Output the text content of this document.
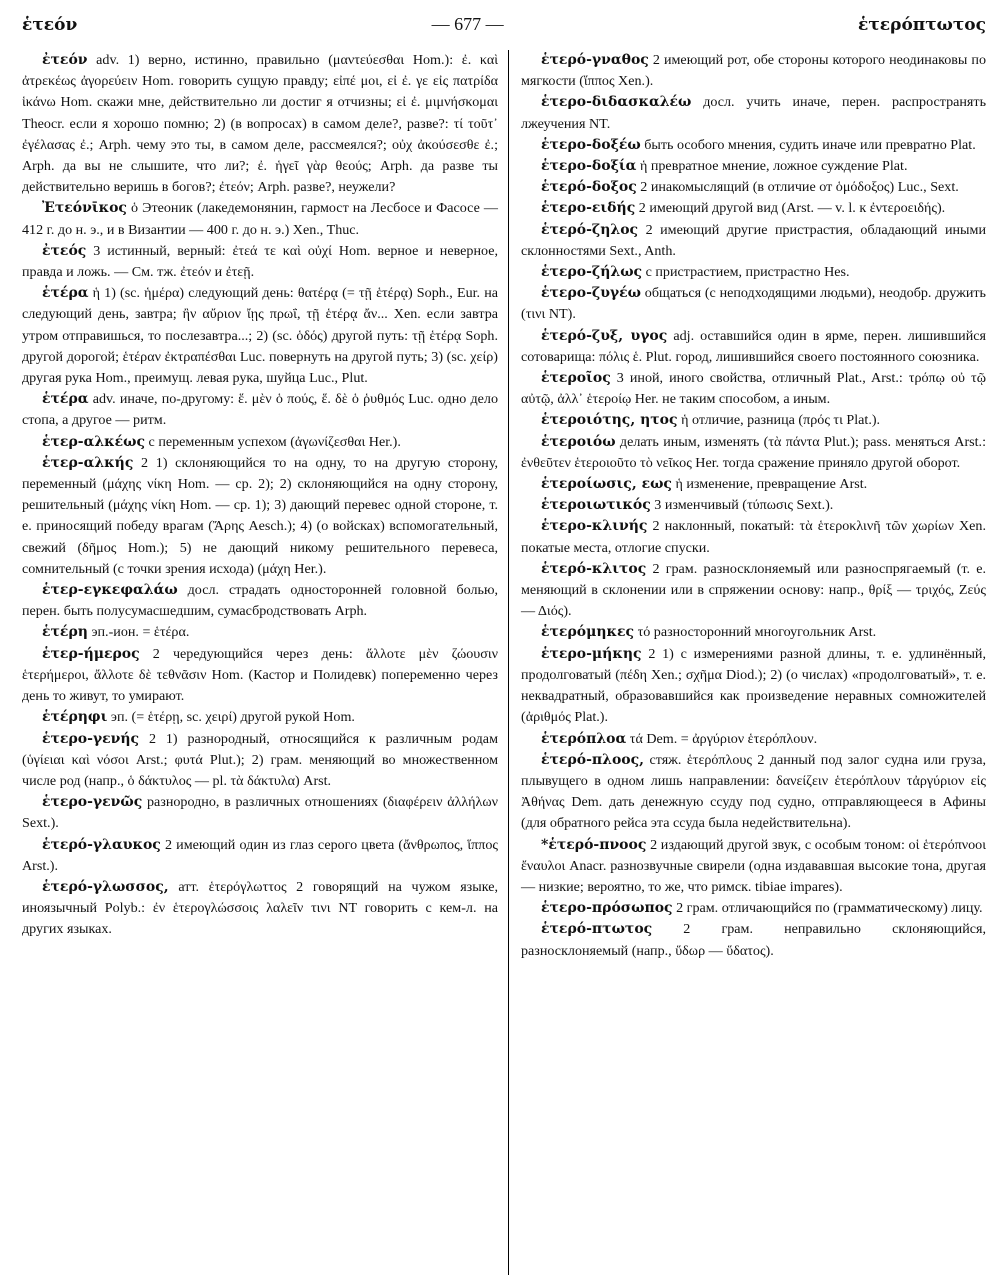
ἑτεόν	— 677 —	ἑτερόπτωτος

ἐτεόν adv. 1) верно, истинно, правильно (μαντεύεσθαι Hom.): ἐ. καὶ ἀτρεκέως ἀγορεύειν Hom. говорить сущую правду; εἰπέ μοι, εἰ ἐ. γε εἰς πατρίδα ἱκάνω Hom. скажи мне, действительно ли достиг я отчизны; εἰ ἐ. μιμνήσκομαι Theocr. если я хорошо помню; 2) (в вопросах) в самом деле?, разве?: τί τοῦτ᾽ ἐγέλασας ἐ.; Arph. чему это ты, в самом деле, рассмеялся?; οὐχ ἀκούσεσθε ἐ.; Arph. да вы не слышите, что ли?; ἐ. ἡγεῖ γὰρ θεούς; Arph. да разве ты действительно веришь в богов?; ἐτεόν; Arph. разве?, неужели?

Ἐτεόνῑκος ὁ Этеоник (лакедемонянин, гармост на Лесбосе и Фасосе — 412 г. до н. э., и в Византии — 400 г. до н. э.) Xen., Thuc.

ἐτεός 3 истинный, верный: ἐτεά τε καὶ οὐχί Hom. верное и неверное, правда и ложь. — См. тж. ἐτεόν и ἐτεῇ.

ἑτέρα ἡ 1) (sc. ἡμέρα) следующий день: θατέρᾳ (= τῇ ἑτέρᾳ) Soph., Eur. на следующий день, завтра; ἢν αὔριον ἴῃς πρωΐ, τῇ ἑτέρᾳ ἄν... Xen. если завтра утром отправишься, то послезавтра...; 2) (sc. ὁδός) другой путь: τῇ ἑτέρᾳ Soph. другой дорогой; ἑτέραν ἐκτραπέσθαι Luc. повернуть на другой путь; 3) (sc. χείρ) другая рука Hom., преимущ. левая рука, шуйца Luc., Plut.

ἑτέρα adv. иначе, по-другому: ἕ. μὲν ὁ πούς, ἕ. δὲ ὁ ῥυθμός Luc. одно дело стопа, а другое — ритм.

ἑτερ-αλκέως с переменным успехом (ἀγωνίζεσθαι Her.).

ἑτερ-αλκής 2 1) склоняющийся то на одну, то на другую сторону, переменный (μάχης νίκη Hom. — ср. 2); 2) склоняющийся на одну сторону, решительный (μάχης νίκη Hom. — ср. 1); 3) дающий перевес одной стороне, т. е. приносящий победу врагам (Ἄρης Aesch.); 4) (о войсках) вспомогательный, свежий (δῆμος Hom.); 5) не дающий никому решительного перевеса, сомнительный (с точки зрения исхода) (μάχη Her.).

ἑτερ-εγκεφαλάω досл. страдать односторонней головной болью, перен. быть полусумасшедшим, сумасбродствовать Arph.

ἑτέρη эп.-ион. = ἑτέρα.

ἑτερ-ήμερος 2 чередующийся через день: ἄλλοτε μὲν ζώουσιν ἑτερήμεροι, ἄλλοτε δὲ τεθνᾶσιν Hom. (Кастор и Полидевк) попеременно через день то живут, то умирают.

ἑτέρηφι эп. (= ἑτέρῃ, sc. χειρί) другой рукой Hom.

ἑτερο-γενής 2 1) разнородный, относящийся к различным родам (ὑγίειαι καὶ νόσοι Arst.; φυτά Plut.); 2) грам. меняющий во множественном числе род (напр., ὁ δάκτυλος — pl. τὰ δάκτυλα) Arst.

ἑτερο-γενῶς разнородно, в различных отношениях (διαφέρειν ἀλλήλων Sext.).

ἑτερό-γλαυκος 2 имеющий один из глаз серого цвета (ἄνθρωπος, ἵππος Arst.).

ἑτερό-γλωσσος, атт. ἑτερόγλωττος 2 говорящий на чужом языке, иноязычный Polyb.: ἐν ἑτερογλώσσοις λαλεῖν τινι NT говорить с кем-л. на других языках.

ἑτερό-γναθος 2 имеющий рот, обе стороны которого неодинаковы по мягкости (ἵππος Xen.).

ἑτερο-διδασκαλέω досл. учить иначе, перен. распространять лжеучения NT.

ἑτερο-δοξέω быть особого мнения, судить иначе или превратно Plat.

ἑτερο-δοξία ἡ превратное мнение, ложное суждение Plat.

ἑτερό-δοξος 2 инакомыслящий (в отличие от ὁμόδοξος) Luc., Sext.

ἑτερο-ειδής 2 имеющий другой вид (Arst. — v. l. к ἐντεροειδής).

ἑτερό-ζηλος 2 имеющий другие пристрастия, обладающий иными склонностями Sext., Anth.

ἑτερο-ζήλως с пристрастием, пристрастно Hes.

ἑτερο-ζυγέω общаться (с неподходящими людьми), неодобр. дружить (τινι NT).

ἑτερό-ζυξ, υγος adj. оставшийся один в ярме, перен. лишившийся сотоварища: πόλις ἑ. Plut. город, лишившийся своего постоянного союзника.

ἑτεροῖος 3 иной, иного свойства, отличный Plat., Arst.: τρόπῳ οὐ τῷ αὐτῷ, ἀλλ᾽ ἑτεροίῳ Her. не таким способом, а иным.

ἑτεροιότης, ητος ἡ отличие, разница (πρός τι Plat.).

ἑτεροιόω делать иным, изменять (τὰ πάντα Plut.); pass. меняться Arst.: ἐνθεῦτεν ἑτεροιοῦτο τὸ νεῖκος Her. тогда сражение приняло другой оборот.

ἑτεροίωσις, εως ἡ изменение, превращение Arst.

ἑτεροιωτικός 3 изменчивый (τύπωσις Sext.).

ἑτερο-κλινής 2 наклонный, покатый: τὰ ἑτεροκλινῆ τῶν χωρίων Xen. покатые места, отлогие спуски.

ἑτερό-κλιτος 2 грам. разносклоняемый или разноспрягаемый (т. е. меняющий в склонении или в спряжении основу: напр., θρίξ — τριχός, Ζεύς — Διός).

ἑτερόμηκες τό разносторонний многоугольник Arst.

ἑτερο-μήκης 2 1) с измерениями разной длины, т. е. удлинённый, продолговатый (πέδη Xen.; σχῆμα Diod.); 2) (о числах) «продолговатый», т. е. неквадратный, образовавшийся как произведение неравных сомножителей (ἀριθμός Plat.).

ἑτερόπλοα τά Dem. = ἀργύριον ἑτερόπλουν.

ἑτερό-πλοος, стяж. ἑτερόπλους 2 данный под залог судна или груза, плывущего в одном лишь направлении: δανείζειν ἑτερόπλουν τἀργύριον εἰς Ἀθήνας Dem. дать денежную ссуду под судно, отправляющееся в Афины (для обратного рейса эта ссуда была недействительна).

*ἑτερό-πνοος 2 издающий другой звук, с особым тоном: οἱ ἑτερόπνοοι ἔναυλοι Anacr. разнозвучные свирели (одна издававшая высокие тона, другая — низкие; вероятно, то же, что римск. tibiae impares).

ἑτερο-πρόσωπος 2 грам. отличающийся по (грамматическому) лицу.

ἑτερό-πτωτος 2 грам. неправильно склоняющийся, разносклоняемый (напр., ὕδωρ — ὕδατος).
